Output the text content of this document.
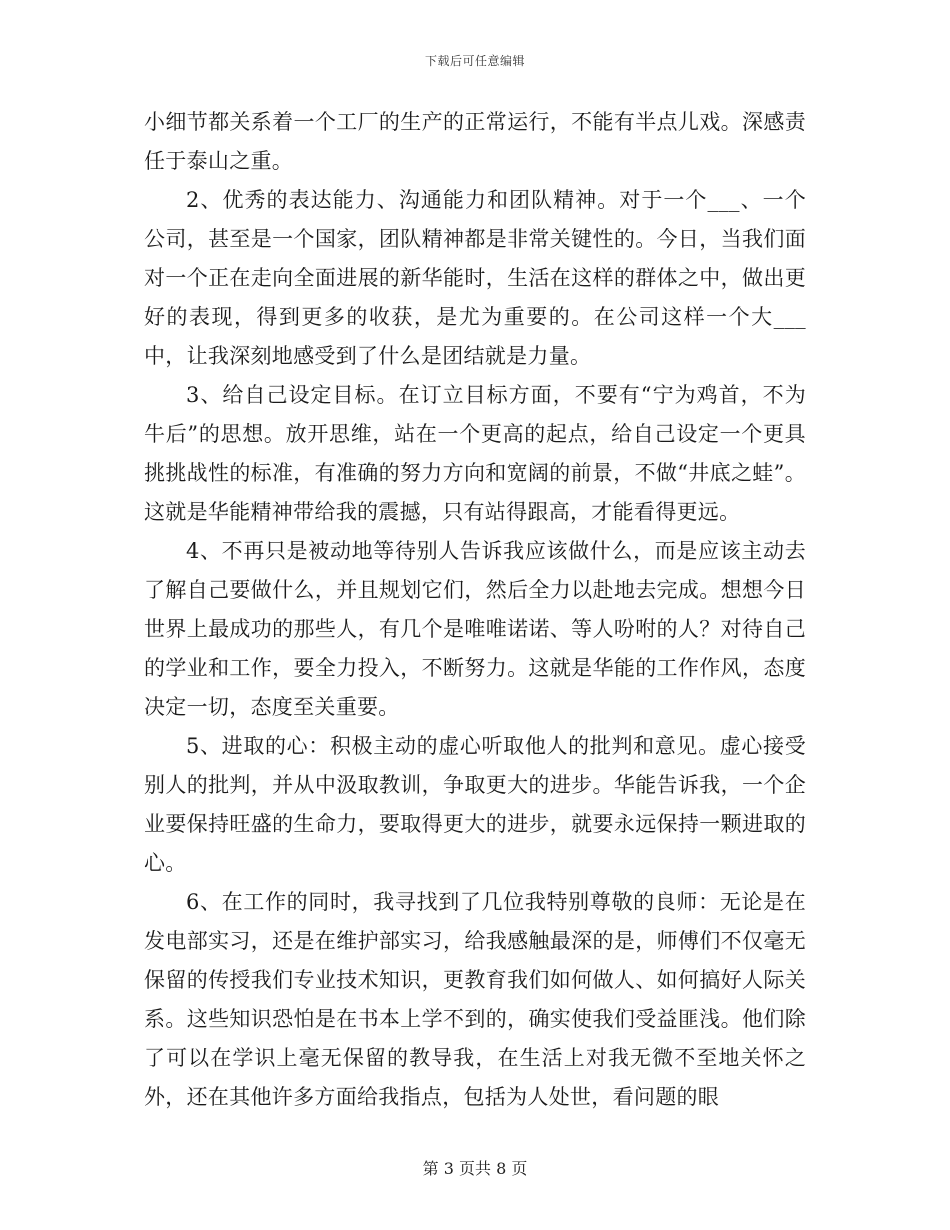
下载后可任意编辑

小细节都关系着一个工厂的生产的正常运行，不能有半点儿戏。深感责任于泰山之重。

2、优秀的表达能力、沟通能力和团队精神。对于一个___、一个公司，甚至是一个国家，团队精神都是非常关键性的。今日，当我们面对一个正在走向全面进展的新华能时，生活在这样的群体之中，做出更好的表现，得到更多的收获，是尤为重要的。在公司这样一个大___中，让我深刻地感受到了什么是团结就是力量。

3、给自己设定目标。在订立目标方面，不要有“宁为鸡首，不为牛后”的思想。放开思维，站在一个更高的起点，给自己设定一个更具挑挑战性的标准，有准确的努力方向和宽阔的前景，不做“井底之蛙”。这就是华能精神带给我的震撼，只有站得跟高，才能看得更远。

4、不再只是被动地等待别人告诉我应该做什么，而是应该主动去了解自己要做什么，并且规划它们，然后全力以赴地去完成。想想今日世界上最成功的那些人，有几个是唯唯诺诺、等人吩咐的人？对待自己的学业和工作，要全力投入，不断努力。这就是华能的工作作风，态度决定一切，态度至关重要。

5、进取的心：积极主动的虚心听取他人的批判和意见。虚心接受别人的批判，并从中汲取教训，争取更大的进步。华能告诉我，一个企业要保持旺盛的生命力，要取得更大的进步，就要永远保持一颗进取的心。

6、在工作的同时，我寻找到了几位我特别尊敬的良师：无论是在发电部实习，还是在维护部实习，给我感触最深的是，师傅们不仅毫无保留的传授我们专业技术知识，更教育我们如何做人、如何搞好人际关系。这些知识恐怕是在书本上学不到的，确实使我们受益匪浅。他们除了可以在学识上毫无保留的教导我，在生活上对我无微不至地关怀之外，还在其他许多方面给我指点，包括为人处世，看问题的眼

第 3 页共 8 页
